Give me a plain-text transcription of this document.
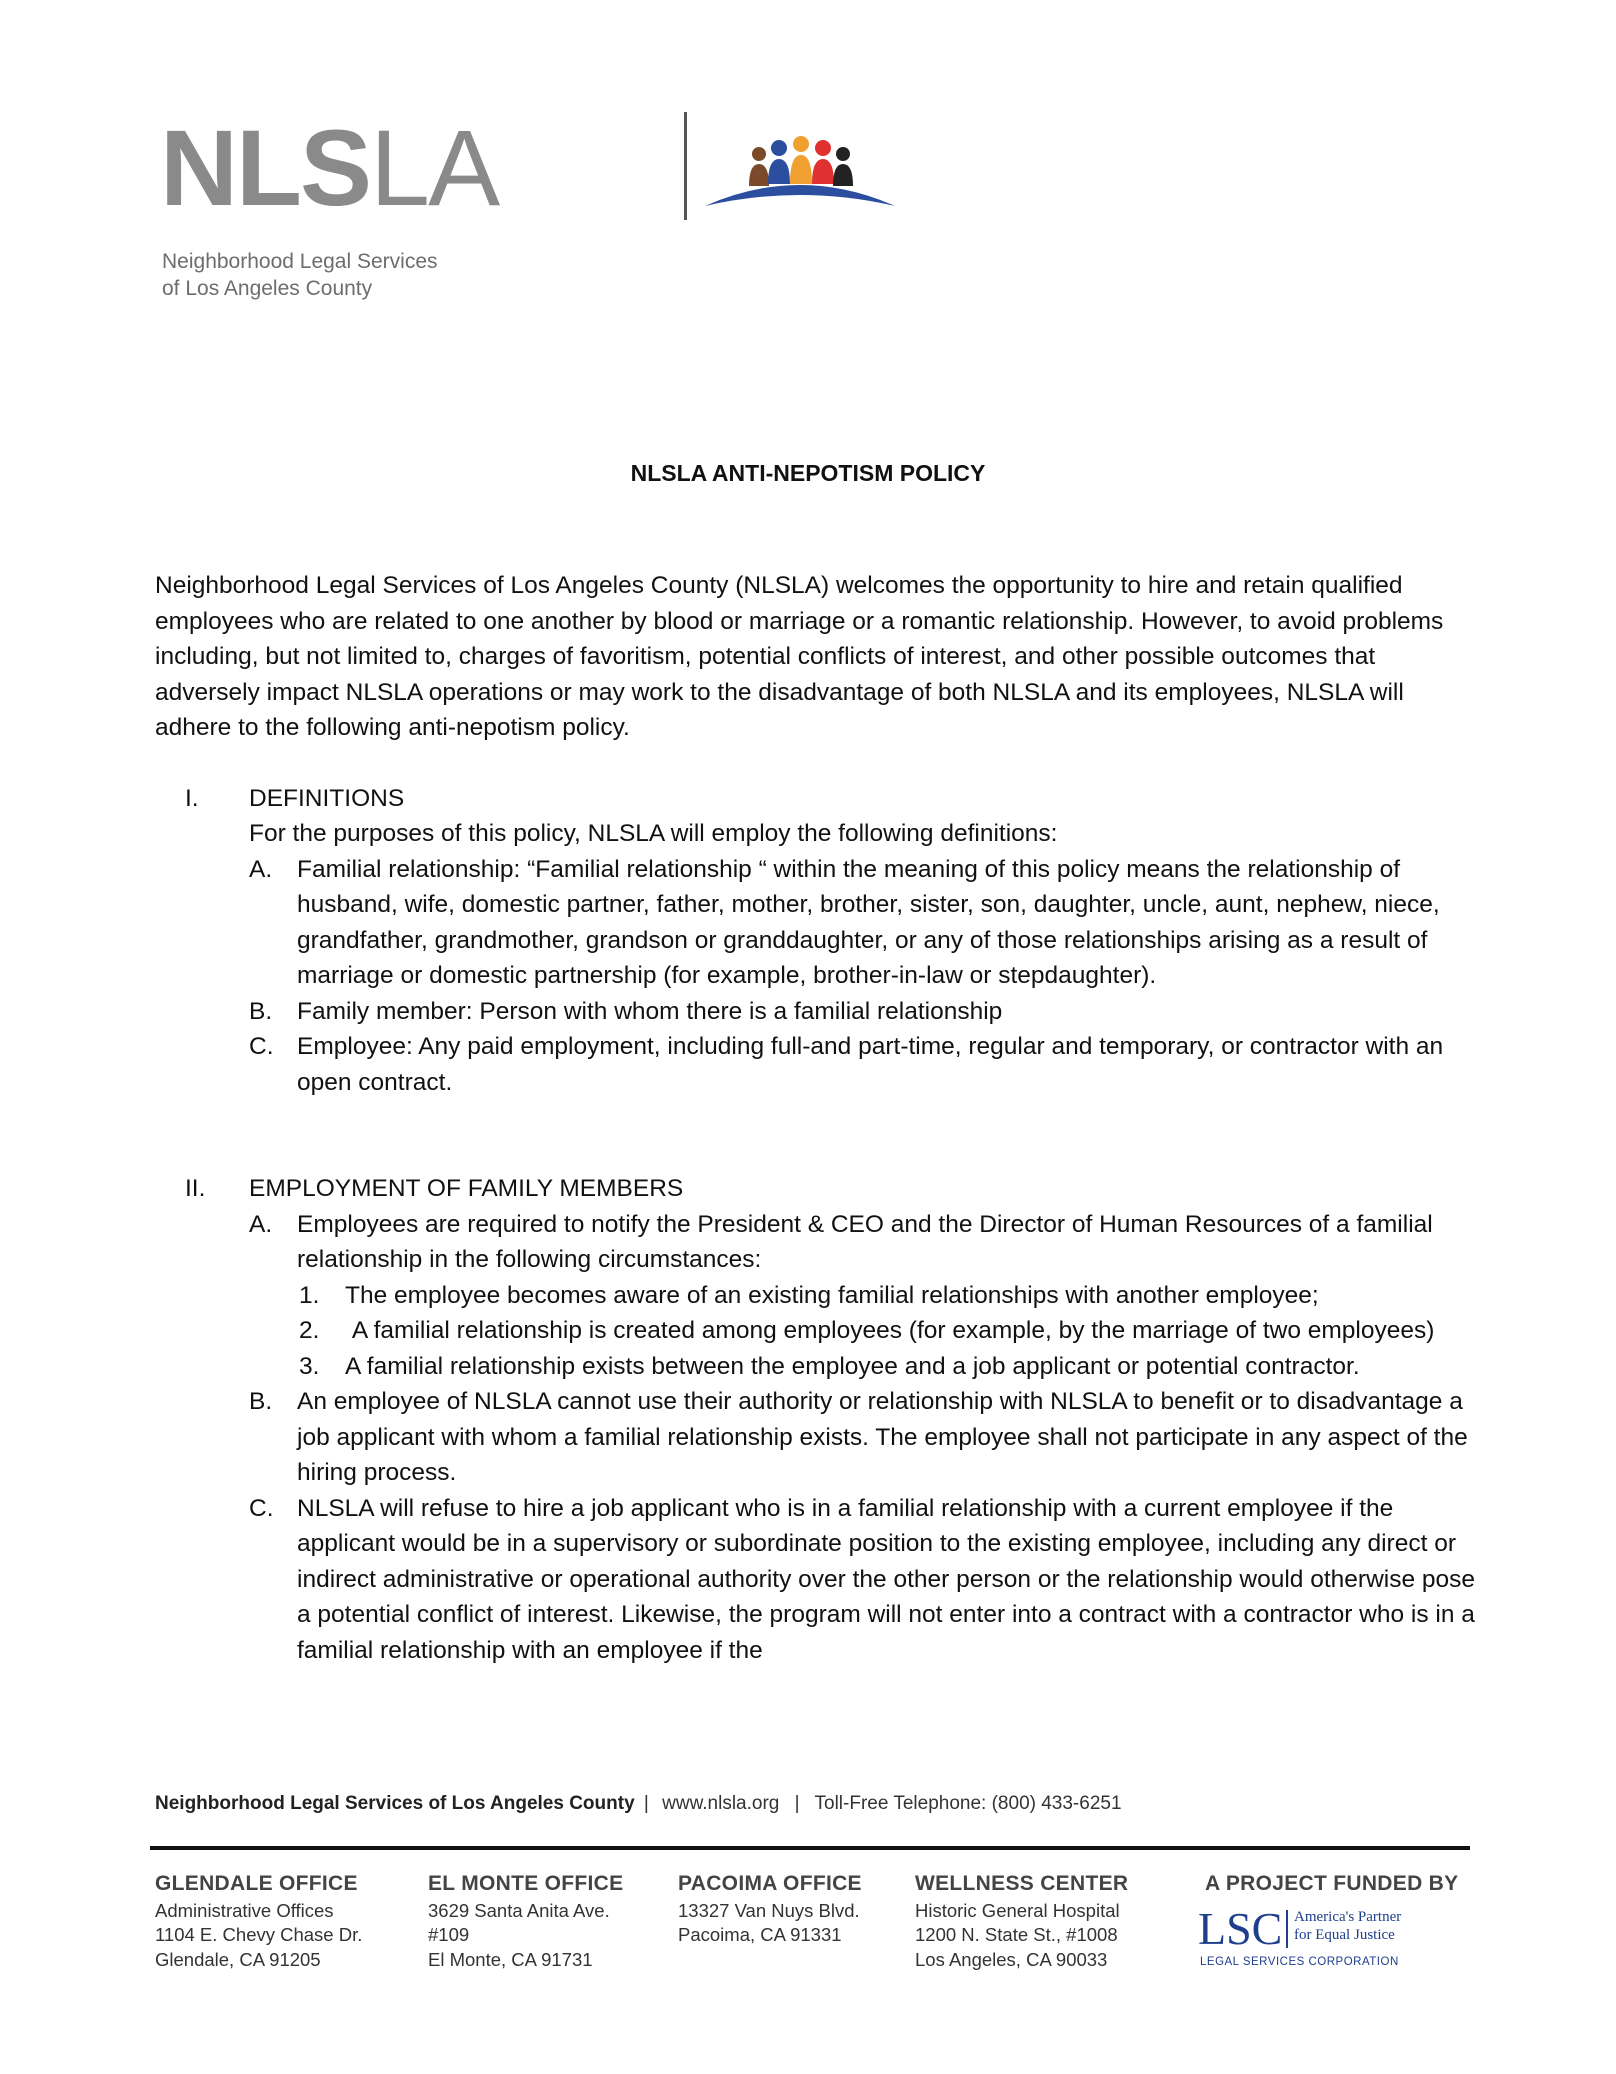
NLSLA
Neighborhood Legal Services
of Los Angeles County
NLSLA ANTI-NEPOTISM POLICY

Neighborhood Legal Services of Los Angeles County (NLSLA) welcomes the opportunity to hire and retain qualified employees who are related to one another by blood or marriage or a romantic relationship. However, to avoid problems including, but not limited to, charges of favoritism, potential conflicts of interest, and other possible outcomes that adversely impact NLSLA operations or may work to the disadvantage of both NLSLA and its employees, NLSLA will adhere to the following anti-nepotism policy.

I. DEFINITIONS
For the purposes of this policy, NLSLA will employ the following definitions:
A. Familial relationship: “Familial relationship “ within the meaning of this policy means the relationship of husband, wife, domestic partner, father, mother, brother, sister, son, daughter, uncle, aunt, nephew, niece, grandfather, grandmother, grandson or granddaughter, or any of those relationships arising as a result of marriage or domestic partnership (for example, brother-in-law or stepdaughter).
B. Family member: Person with whom there is a familial relationship
C. Employee: Any paid employment, including full-and part-time, regular and temporary, or contractor with an open contract.
II. EMPLOYMENT OF FAMILY MEMBERS
A. Employees are required to notify the President & CEO and the Director of Human Resources of a familial relationship in the following circumstances:
1. The employee becomes aware of an existing familial relationships with another employee;
2. A familial relationship is created among employees (for example, by the marriage of two employees)
3. A familial relationship exists between the employee and a job applicant or potential contractor.
B. An employee of NLSLA cannot use their authority or relationship with NLSLA to benefit or to disadvantage a job applicant with whom a familial relationship exists. The employee shall not participate in any aspect of the hiring process.
C. NLSLA will refuse to hire a job applicant who is in a familial relationship with a current employee if the applicant would be in a supervisory or subordinate position to the existing employee, including any direct or indirect administrative or operational authority over the other person or the relationship would otherwise pose a potential conflict of interest. Likewise, the program will not enter into a contract with a contractor who is in a familial relationship with an employee if the
Neighborhood Legal Services of Los Angeles County | www.nlsla.org | Toll-Free Telephone: (800) 433-6251
GLENDALE OFFICE
Administrative Offices
1104 E. Chevy Chase Dr.
Glendale, CA 91205
EL MONTE OFFICE
3629 Santa Anita Ave.
#109
El Monte, CA 91731
PACOIMA OFFICE
13327 Van Nuys Blvd.
Pacoima, CA 91331
WELLNESS CENTER
Historic General Hospital
1200 N. State St., #1008
Los Angeles, CA 90033
A PROJECT FUNDED BY
LSC America's Partner
for Equal Justice
LEGAL SERVICES CORPORATION
